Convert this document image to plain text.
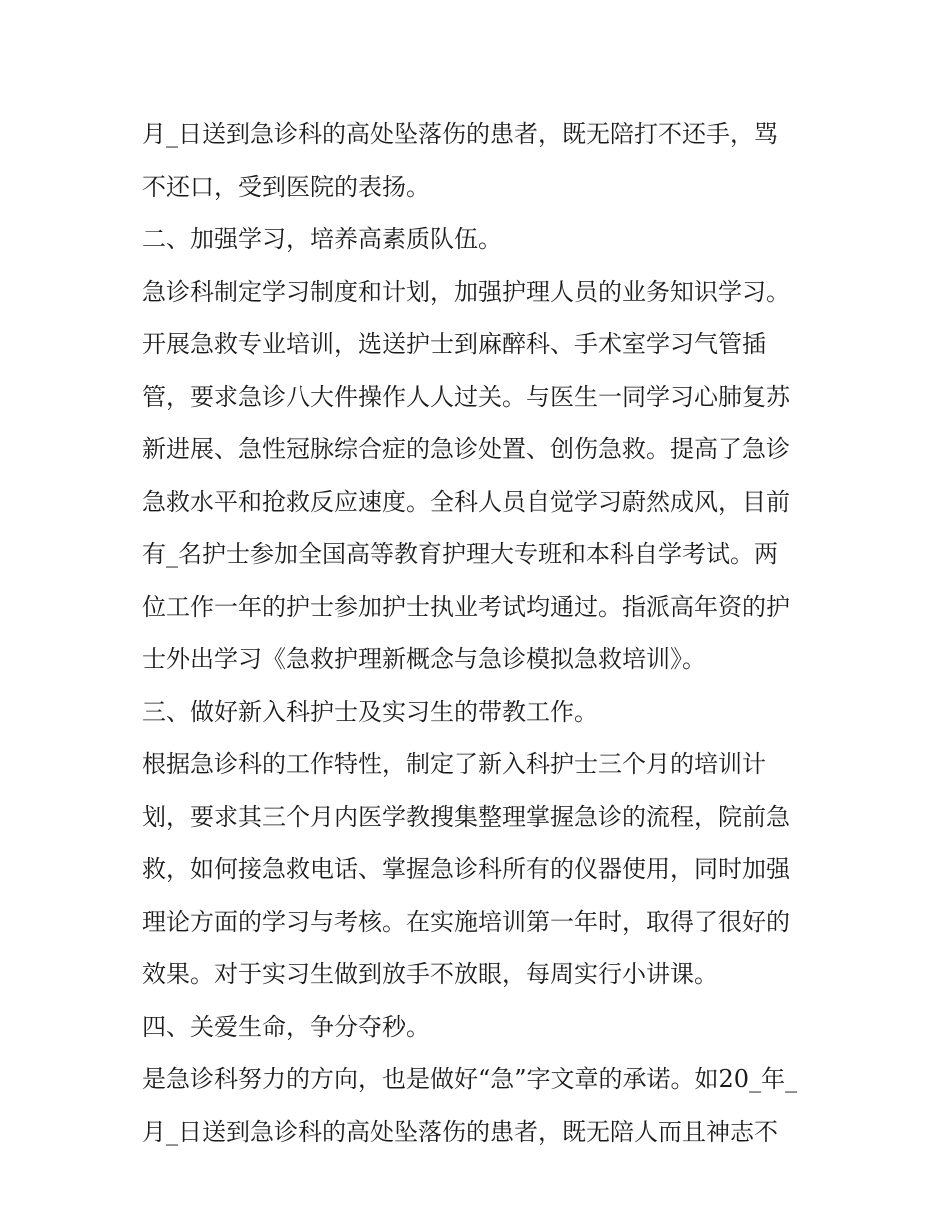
月_日送到急诊科的高处坠落伤的患者，既无陪打不还手，骂
不还口，受到医院的表扬。
二、加强学习，培养高素质队伍。
急诊科制定学习制度和计划，加强护理人员的业务知识学习。
开展急救专业培训，选送护士到麻醉科、手术室学习气管插
管，要求急诊八大件操作人人过关。与医生一同学习心肺复苏
新进展、急性冠脉综合症的急诊处置、创伤急救。提高了急诊
急救水平和抢救反应速度。全科人员自觉学习蔚然成风，目前
有_名护士参加全国高等教育护理大专班和本科自学考试。两
位工作一年的护士参加护士执业考试均通过。指派高年资的护
士外出学习《急救护理新概念与急诊模拟急救培训》。
三、做好新入科护士及实习生的带教工作。
根据急诊科的工作特性，制定了新入科护士三个月的培训计
划，要求其三个月内医学教搜集整理掌握急诊的流程，院前急
救，如何接急救电话、掌握急诊科所有的仪器使用，同时加强
理论方面的学习与考核。在实施培训第一年时，取得了很好的
效果。对于实习生做到放手不放眼，每周实行小讲课。
四、关爱生命，争分夺秒。
是急诊科努力的方向，也是做好“急”字文章的承诺。如20_年_
月_日送到急诊科的高处坠落伤的患者，既无陪人而且神志不
